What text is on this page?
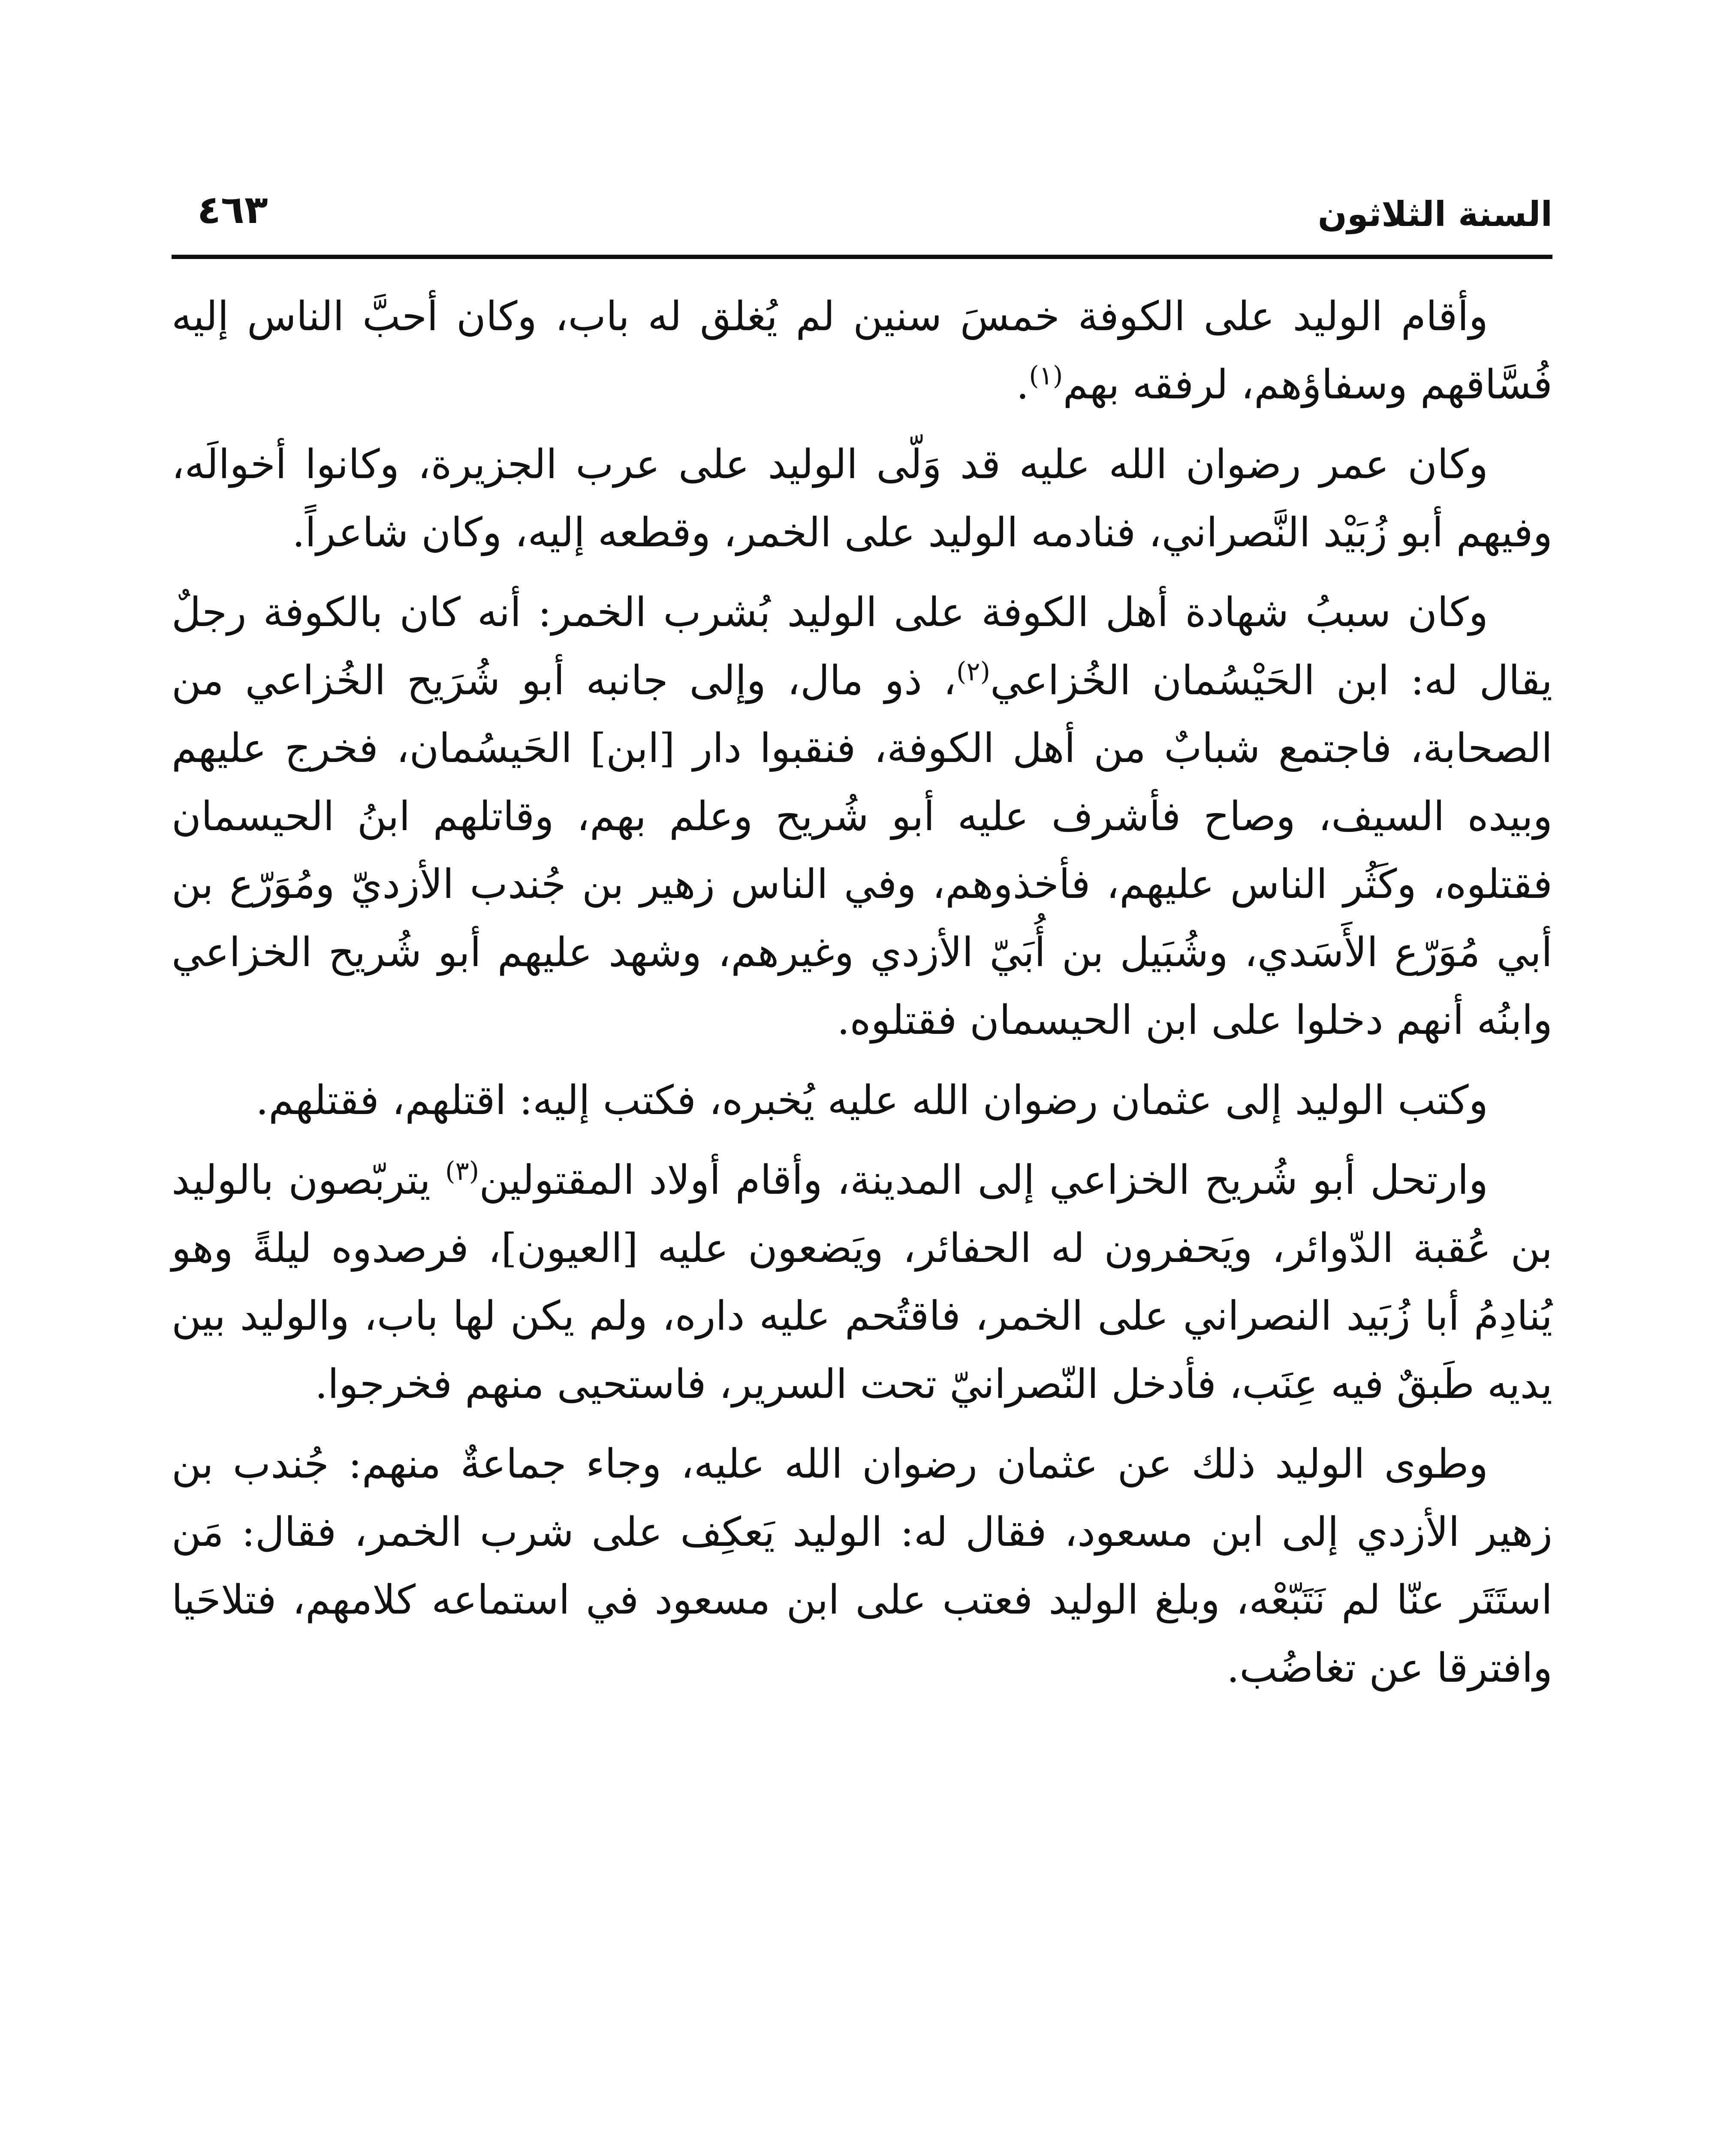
السنة الثلاثون
٤٦٣

وأقام الوليد على الكوفة خمسَ سنين لم يُغلق له باب، وكان أحبَّ الناس إليه فُسَّاقهم وسفاؤهم، لرفقه بهم$^{(١)}$.

وكان عمر رضوان الله عليه قد وَلّى الوليد على عرب الجزيرة، وكانوا أخوالَه، وفيهم أبو زُبَيْد النَّصراني، فنادمه الوليد على الخمر، وقطعه إليه، وكان شاعراً.

وكان سببُ شهادة أهل الكوفة على الوليد بُشرب الخمر: أنه كان بالكوفة رجلٌ يقال له: ابن الحَيْسُمان الخُزاعي$^{(٢)}$، ذو مال، وإلى جانبه أبو شُرَيح الخُزاعي من الصحابة، فاجتمع شبابٌ من أهل الكوفة، فنقبوا دار [ابن] الحَيسُمان، فخرج عليهم وبيده السيف، وصاح فأشرف عليه أبو شُريح وعلم بهم، وقاتلهم ابنُ الحيسمان فقتلوه، وكَثُر الناس عليهم، فأخذوهم، وفي الناس زهير بن جُندب الأزديّ ومُوَرّع بن أبي مُوَرّع الأَسَدي، وشُبَيل بن أُبَيّ الأزدي وغيرهم، وشهد عليهم أبو شُريح الخزاعي وابنُه أنهم دخلوا على ابن الحيسمان فقتلوه.

وكتب الوليد إلى عثمان رضوان الله عليه يُخبره، فكتب إليه: اقتلهم، فقتلهم.

وارتحل أبو شُريح الخزاعي إلى المدينة، وأقام أولاد المقتولين$^{(٣)}$ يتربّصون بالوليد بن عُقبة الدّوائر، ويَحفرون له الحفائر، ويَضعون عليه [العيون]، فرصدوه ليلةً وهو يُنادِمُ أبا زُبَيد النصراني على الخمر، فاقتُحم عليه داره، ولم يكن لها باب، والوليد بين يديه طَبقٌ فيه عِنَب، فأدخل النّصرانيّ تحت السرير، فاستحيى منهم فخرجوا.

وطوى الوليد ذلك عن عثمان رضوان الله عليه، وجاء جماعةٌ منهم: جُندب بن زهير الأزدي إلى ابن مسعود، فقال له: الوليد يَعكِف على شرب الخمر، فقال: مَن استَتَر عنّا لم نَتَبّعْه، وبلغ الوليد فعتب على ابن مسعود في استماعه كلامهم، فتلاحَيا وافترقا عن تغاضُب.
